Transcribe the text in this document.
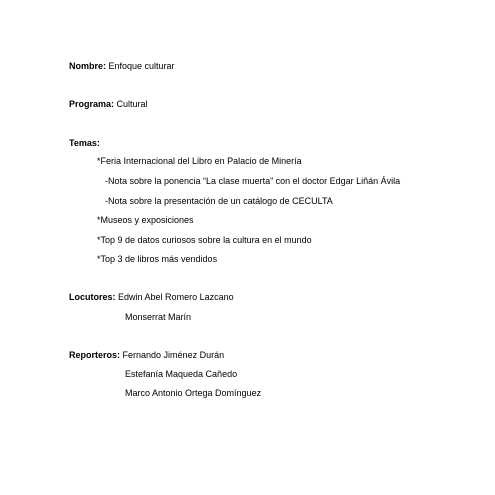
Nombre: Enfoque culturar
Programa: Cultural
Temas:
*Feria Internacional del Libro en Palacio de Minería
-Nota sobre la ponencia “La clase muerta” con el doctor Edgar Liñán Ávila
-Nota sobre la presentación de un catálogo de CECULTA
*Museos y exposiciones
*Top 9 de datos curiosos sobre la cultura en el mundo
*Top 3 de libros más vendidos
Locutores: Edwin Abel Romero Lazcano
Monserrat Marín
Reporteros: Fernando Jiménez Durán
Estefanía Maqueda Cañedo
Marco Antonio Ortega Domínguez
